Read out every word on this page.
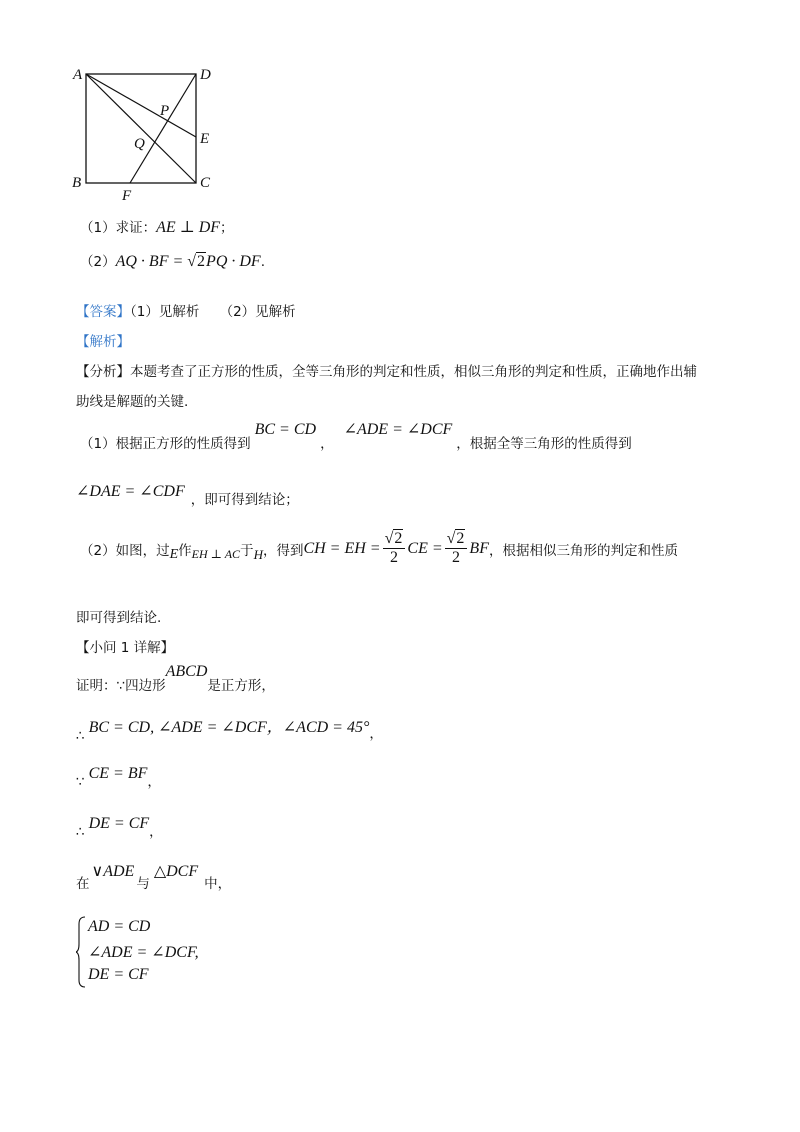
A	D
B	C
E
F
P
Q
（1）求证：AE ⊥ DF；
（2）AQ · BF = √2PQ · DF.
【答案】（1）见解析　　（2）见解析
【解析】
【分析】本题考查了正方形的性质，全等三角形的判定和性质，相似三角形的判定和性质，正确地作出辅
助线是解题的关键.
$_{(1)根据正方形的性质得到}BC = CD_,\angle ADE$ = $\angle DCF_{,根据全等三角形的性质得到}$
∠DAE = ∠CDF $_{,即可得到结论;}$
（2）如图，过 E 作 EH ⊥ AC 于 H ，得到 CH = EH = $\frac{√2}{2}$ CE = $\frac{√2}{2}$ BF ，根据相似三角形的判定和性质
即可得到结论.
【小问 1 详解】
$_{证明:\because 四边形}ABCD_{是正方形,}$
$_\therefore$ BC = CD, ∠ADE = ∠DCF，∠ACD = $45^\circ_,$
$_\because$ CE = $BF_,$
$_\therefore$ DE = $CF_,$
$_在\vee ADE_与\triangle DCF_{中,}$
AD = CD
∠ADE = ∠DCF,
DE = CF
